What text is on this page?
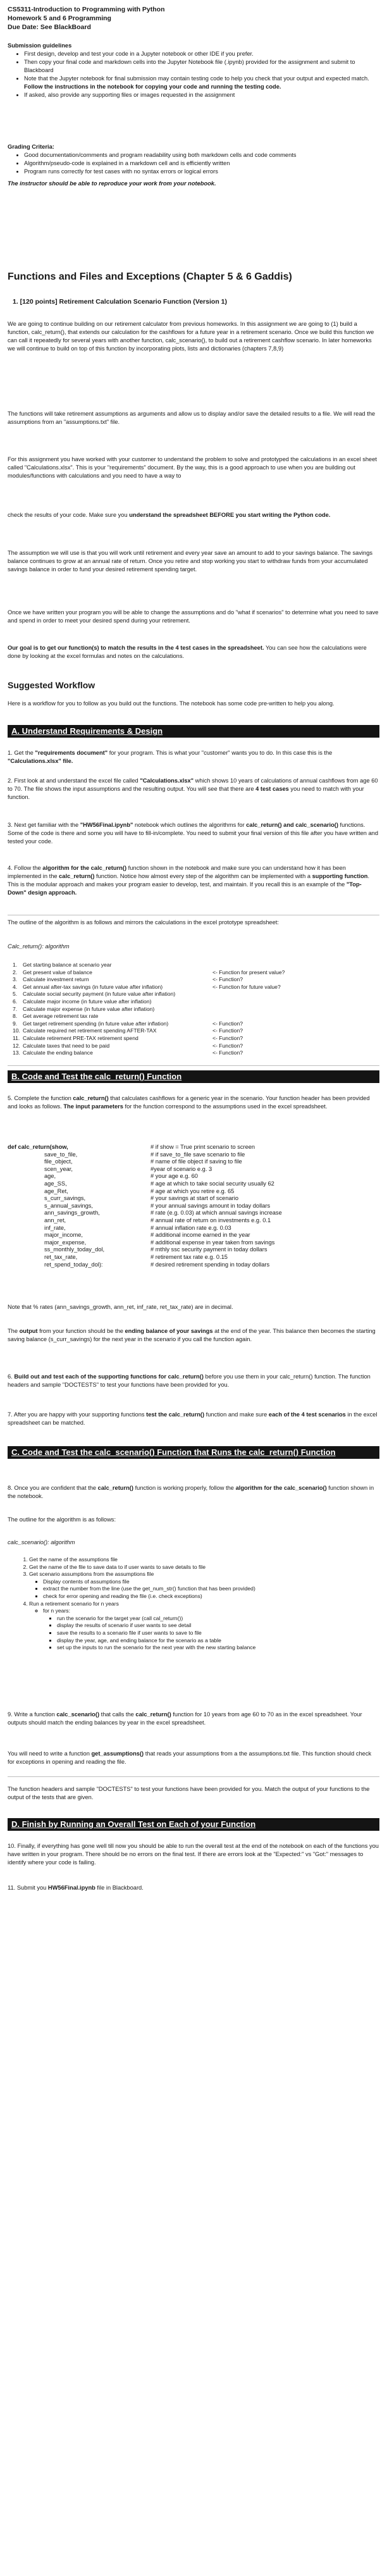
CS5311-Introduction to Programming with Python
Homework 5 and 6 Programming
Due Date: See BlackBoard
Submission guidelines
• First design, develop and test your code in a Jupyter notebook or other IDE if you prefer.
• Then copy your final code and markdown cells into the Jupyter Notebook file (.ipynb) provided for the assignment and submit to Blackboard
• Note that the Jupyter notebook for final submission may contain testing code to help you check that your output and expected match. Follow the instructions in the notebook for copying your code and running the testing code.
• If asked, also provide any supporting files or images requested in the assignment
Grading Criteria:
• Good documentation/comments and program readability using both markdown cells and code comments
• Algorithm/pseudo-code is explained in a markdown cell and is efficiently written
• Program runs correctly for test cases with no syntax errors or logical errors
The instructor should be able to reproduce your work from your notebook.
Functions and Files and Exceptions (Chapter 5 & 6 Gaddis)
1. [120 points] Retirement Calculation Scenario Function (Version 1)

We are going to continue building on our retirement calculator from previous homeworks. In this assignment we are going to (1) build a function, calc_return(), that extends our calculation for the cashflows for a future year in a retirement scenario. Once we build this function we can call it repeatedly for several years with another function, calc_scenario(), to build out a retirement cashflow scenario. In later homeworks we will continue to build on top of this function by incorporating plots, lists and dictionaries (chapters 7,8,9)

The functions will take retirement assumptions as arguments and allow us to display and/or save the detailed results to a file. We will read the assumptions from an "assumptions.txt" file.

For this assignment you have worked with your customer to understand the problem to solve and prototyped the calculations in an excel sheet called "Calculations.xlsx". This is your "requirements" document. By the way, this is a good approach to use when you are building out modules/functions with calculations and you need to have a way to

check the results of your code. Make sure you understand the spreadsheet BEFORE you start writing the Python code.

The assumption we will use is that you will work until retirement and every year save an amount to add to your savings balance. The savings balance continues to grow at an annual rate of return. Once you retire and stop working you start to withdraw funds from your accumulated savings balance in order to fund your desired retirement spending target.

Once we have written your program you will be able to change the assumptions and do "what if scenarios" to determine what you need to save and spend in order to meet your desired spend during your retirement.

Our goal is to get our function(s) to match the results in the 4 test cases in the spreadsheet. You can see how the calculations were done by looking at the excel formulas and notes on the calculations.

Suggested Workflow

Here is a workflow for you to follow as you build out the functions. The notebook has some code pre-written to help you along.

A. Understand Requirements & Design

1. Get the "requirements document" for your program. This is what your "customer" wants you to do. In this case this is the "Calculations.xlsx" file.

2. First look at and understand the excel file called "Calculations.xlsx" which shows 10 years of calculations of annual cashflows from age 60 to 70. The file shows the input assumptions and the resulting output. You will see that there are 4 test cases you need to match with your function.

3. Next get familiar with the "HW56Final.ipynb" notebook which outlines the algorithms for calc_return() and calc_scenario() functions. Some of the code is there and some you will have to fill-in/complete. You need to submit your final version of this file after you have written and tested your code.

4. Follow the algorithm for the calc_return() function shown in the notebook and make sure you can understand how it has been implemented in the calc_return() function. Notice how almost every step of the algorithm can be implemented with a supporting function. This is the modular approach and makes your program easier to develop, test, and maintain. If you recall this is an example of the "Top-Down" design approach.

The outline of the algorithm is as follows and mirrors the calculations in the excel prototype spreadsheet:

Calc_return(): algorithm

1.	Get starting balance at scenario year
2.	Get present value of balance	<- Function for present value?
3.	Calculate investment return	<- Function?
4.	Get annual after-tax savings (in future value after inflation)	<- Function for future value?
5.	Calculate social security payment (in future value after inflation)
6.	Calculate major income (in future value after inflation)
7.	Calculate major expense (in future value after inflation)
8.	Get average retirement tax rate
9.	Get target retirement spending (in future value after inflation)	<- Function?
10. Calculate required net retirement spending AFTER-TAX	<- Function?
11. Calculate retirement PRE-TAX retirement spend	<- Function?
12. Calculate taxes that need to be paid	<- Function?
13. Calculate the ending balance	<- Function?
B. Code and Test the calc_return() Function

5. Complete the function calc_return() that calculates cashflows for a generic year in the scenario. Your function header has been provided and looks as follows. The input parameters for the function correspond to the assumptions used in the excel spreadsheet.

def calc_return(show,	# if show = True print scenario to screen
save_to_file,	# if save_to_file save scenario to file
file_object,	# name of file object if saving to file
scen_year,	#year of scenario e.g. 3
age,	# your age e.g. 60
age_SS,	# age at which to take social security usually 62
age_Ret,	# age at which you retire e.g. 65
s_curr_savings,	# your savings at start of scenario
s_annual_savings,	# your annual savings amount in today dollars
ann_savings_growth,	# rate (e.g. 0.03) at which annual savings increase
ann_ret,	# annual rate of return on investments e.g. 0.1
inf_rate,	# annual inflation rate e.g. 0.03
major_income,	# additional income earned in the year
major_expense,	# additional expense in year taken from savings
ss_monthly_today_dol,	# mthly ssc security payment in today dollars
ret_tax_rate,	# retirement tax rate e.g. 0.15
ret_spend_today_dol):	# desired retirement spending in today dollars

Note that % rates (ann_savings_growth, ann_ret, inf_rate, ret_tax_rate) are in decimal.

The output from your function should be the ending balance of your savings at the end of the year. This balance then becomes the starting saving balance (s_curr_savings) for the next year in the scenario if you call the function again.

6. Build out and test each of the supporting functions for calc_return() before you use them in your calc_return() function. The function headers and sample "DOCTESTS" to test your functions have been provided for you.

7. After you are happy with your supporting functions test the calc_return() function and make sure each of the 4 test scenarios in the excel spreadsheet can be matched.

C. Code and Test the calc_scenario() Function that Runs the calc_return() Function

8. Once you are confident that the calc_return() function is working properly, follow the algorithm for the calc_scenario() function shown in the notebook.

The outline for the algorithm is as follows:

calc_scenario(): algorithm

1. Get the name of the assumptions file
2. Get the name of the file to save data to if user wants to save details to file
3. Get scenario assumptions from the assumptions file
▪ Display contents of assumptions file
▪ extract the number from the line (use the get_num_str() function that has been provided)
▪ check for error opening and reading the file (i.e. check exceptions)
4. Run a retirement scenario for n years
◦ for n years:
▪ run the scenario for the target year (call cal_return())
▪ display the results of scenario if user wants to see detail
▪ save the results to a scenario file if user wants to save to file
▪ display the year, age, and ending balance for the scenario as a table
▪ set up the inputs to run the scenario for the next year with the new starting balance

9. Write a function calc_scenario() that calls the calc_return() function for 10 years from age 60 to 70 as in the excel spreadsheet. Your outputs should match the ending balances by year in the excel spreadsheet.

You will need to write a function get_assumptions() that reads your assumptions from a the assumptions.txt file. This function should check for exceptions in opening and reading the file.

The function headers and sample "DOCTESTS" to test your functions have been provided for you. Match the output of your functions to the output of the tests that are given.

D. Finish by Running an Overall Test on Each of your Function

10. Finally, if everything has gone well till now you should be able to run the overall test at the end of the notebook on each of the functions you have written in your program. There should be no errors on the final test. If there are errors look at the "Expected:" vs "Got:" messages to identify where your code is failing.

11. Submit you HW56Final.ipynb file in Blackboard.
